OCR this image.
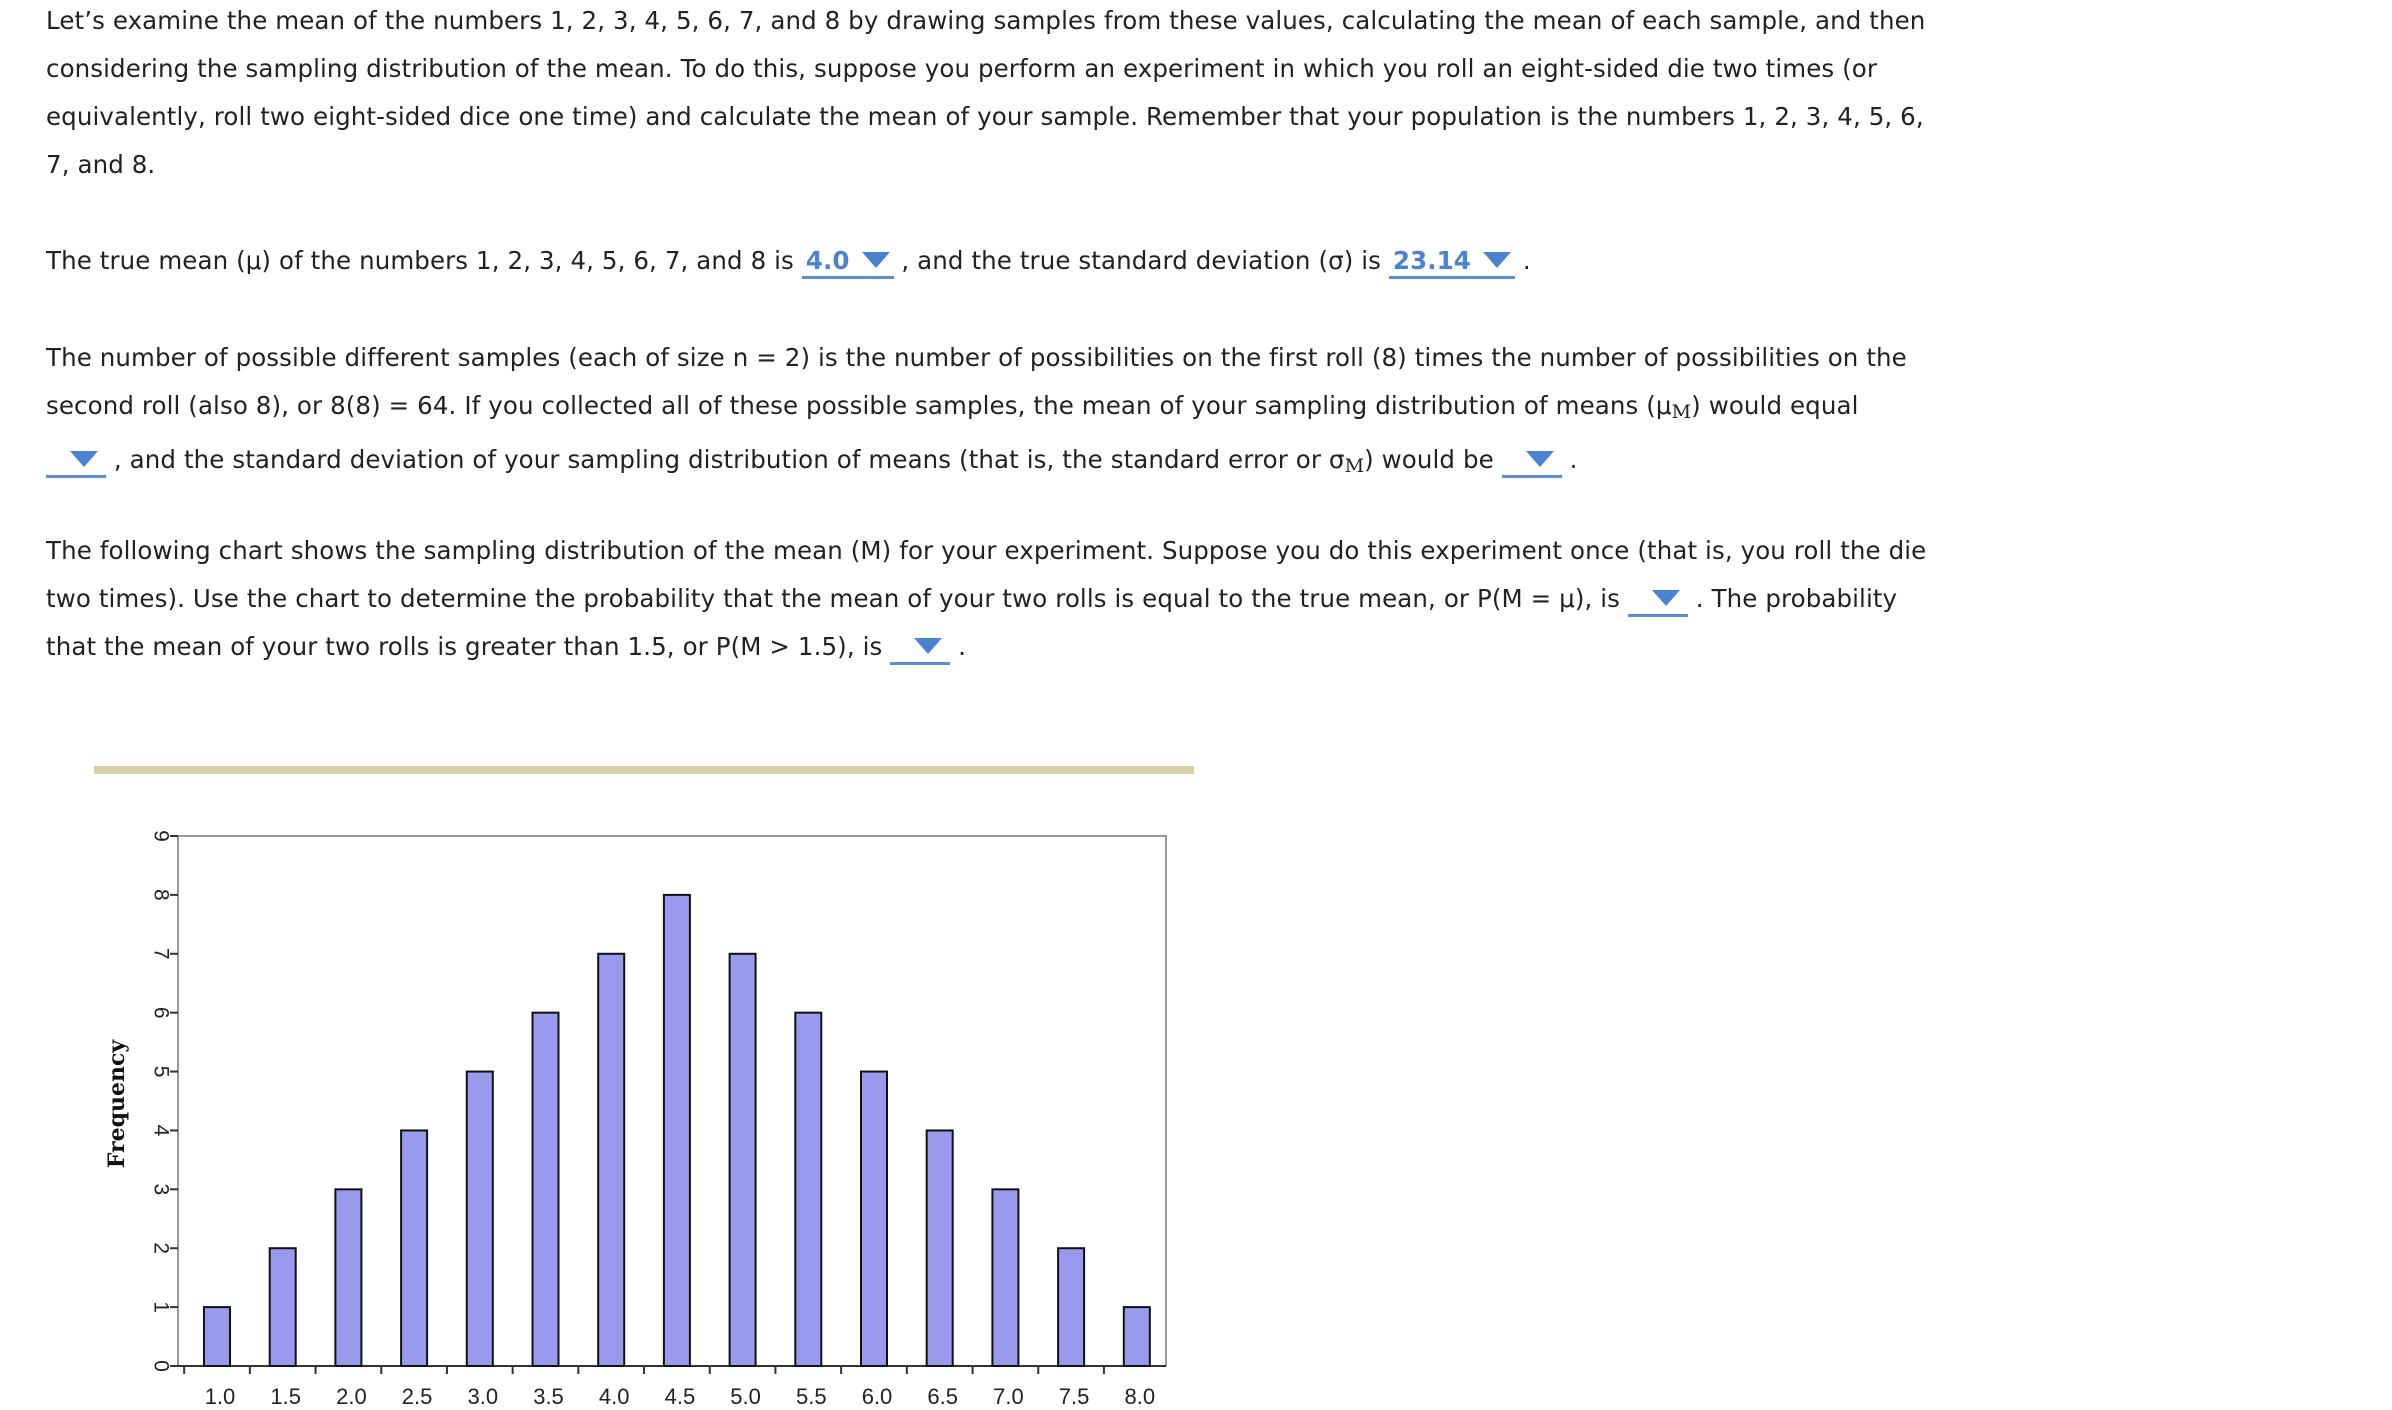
Let’s examine the mean of the numbers 1, 2, 3, 4, 5, 6, 7, and 8 by drawing samples from these values, calculating the mean of each sample, and then considering the sampling distribution of the mean. To do this, suppose you perform an experiment in which you roll an eight-sided die two times (or equivalently, roll two eight-sided dice one time) and calculate the mean of your sample. Remember that your population is the numbers 1, 2, 3, 4, 5, 6, 7, and 8.

The true mean (μ) of the numbers 1, 2, 3, 4, 5, 6, 7, and 8 is 4.0 , and the true standard deviation (σ) is 23.14 .

The number of possible different samples (each of size n = 2) is the number of possibilities on the first roll (8) times the number of possibilities on the second roll (also 8), or 8(8) = 64. If you collected all of these possible samples, the mean of your sampling distribution of means $(\mu_M)$ would equal
, and the standard deviation of your sampling distribution of means (that is, the standard error or $\sigma_M$) would be  .

The following chart shows the sampling distribution of the mean (M) for your experiment. Suppose you do this experiment once (that is, you roll the die two times). Use the chart to determine the probability that the mean of your two rolls is equal to the true mean, or P(M = μ), is  . The probability that the mean of your two rolls is greater than 1.5, or P(M > 1.5), is  .

0
1
2
3
4
5
6
7
8
9
1.0 1.5 2.0 2.5 3.0 3.5 4.0 4.5 5.0 5.5 6.0 6.5 7.0 7.5 8.0
Frequency
